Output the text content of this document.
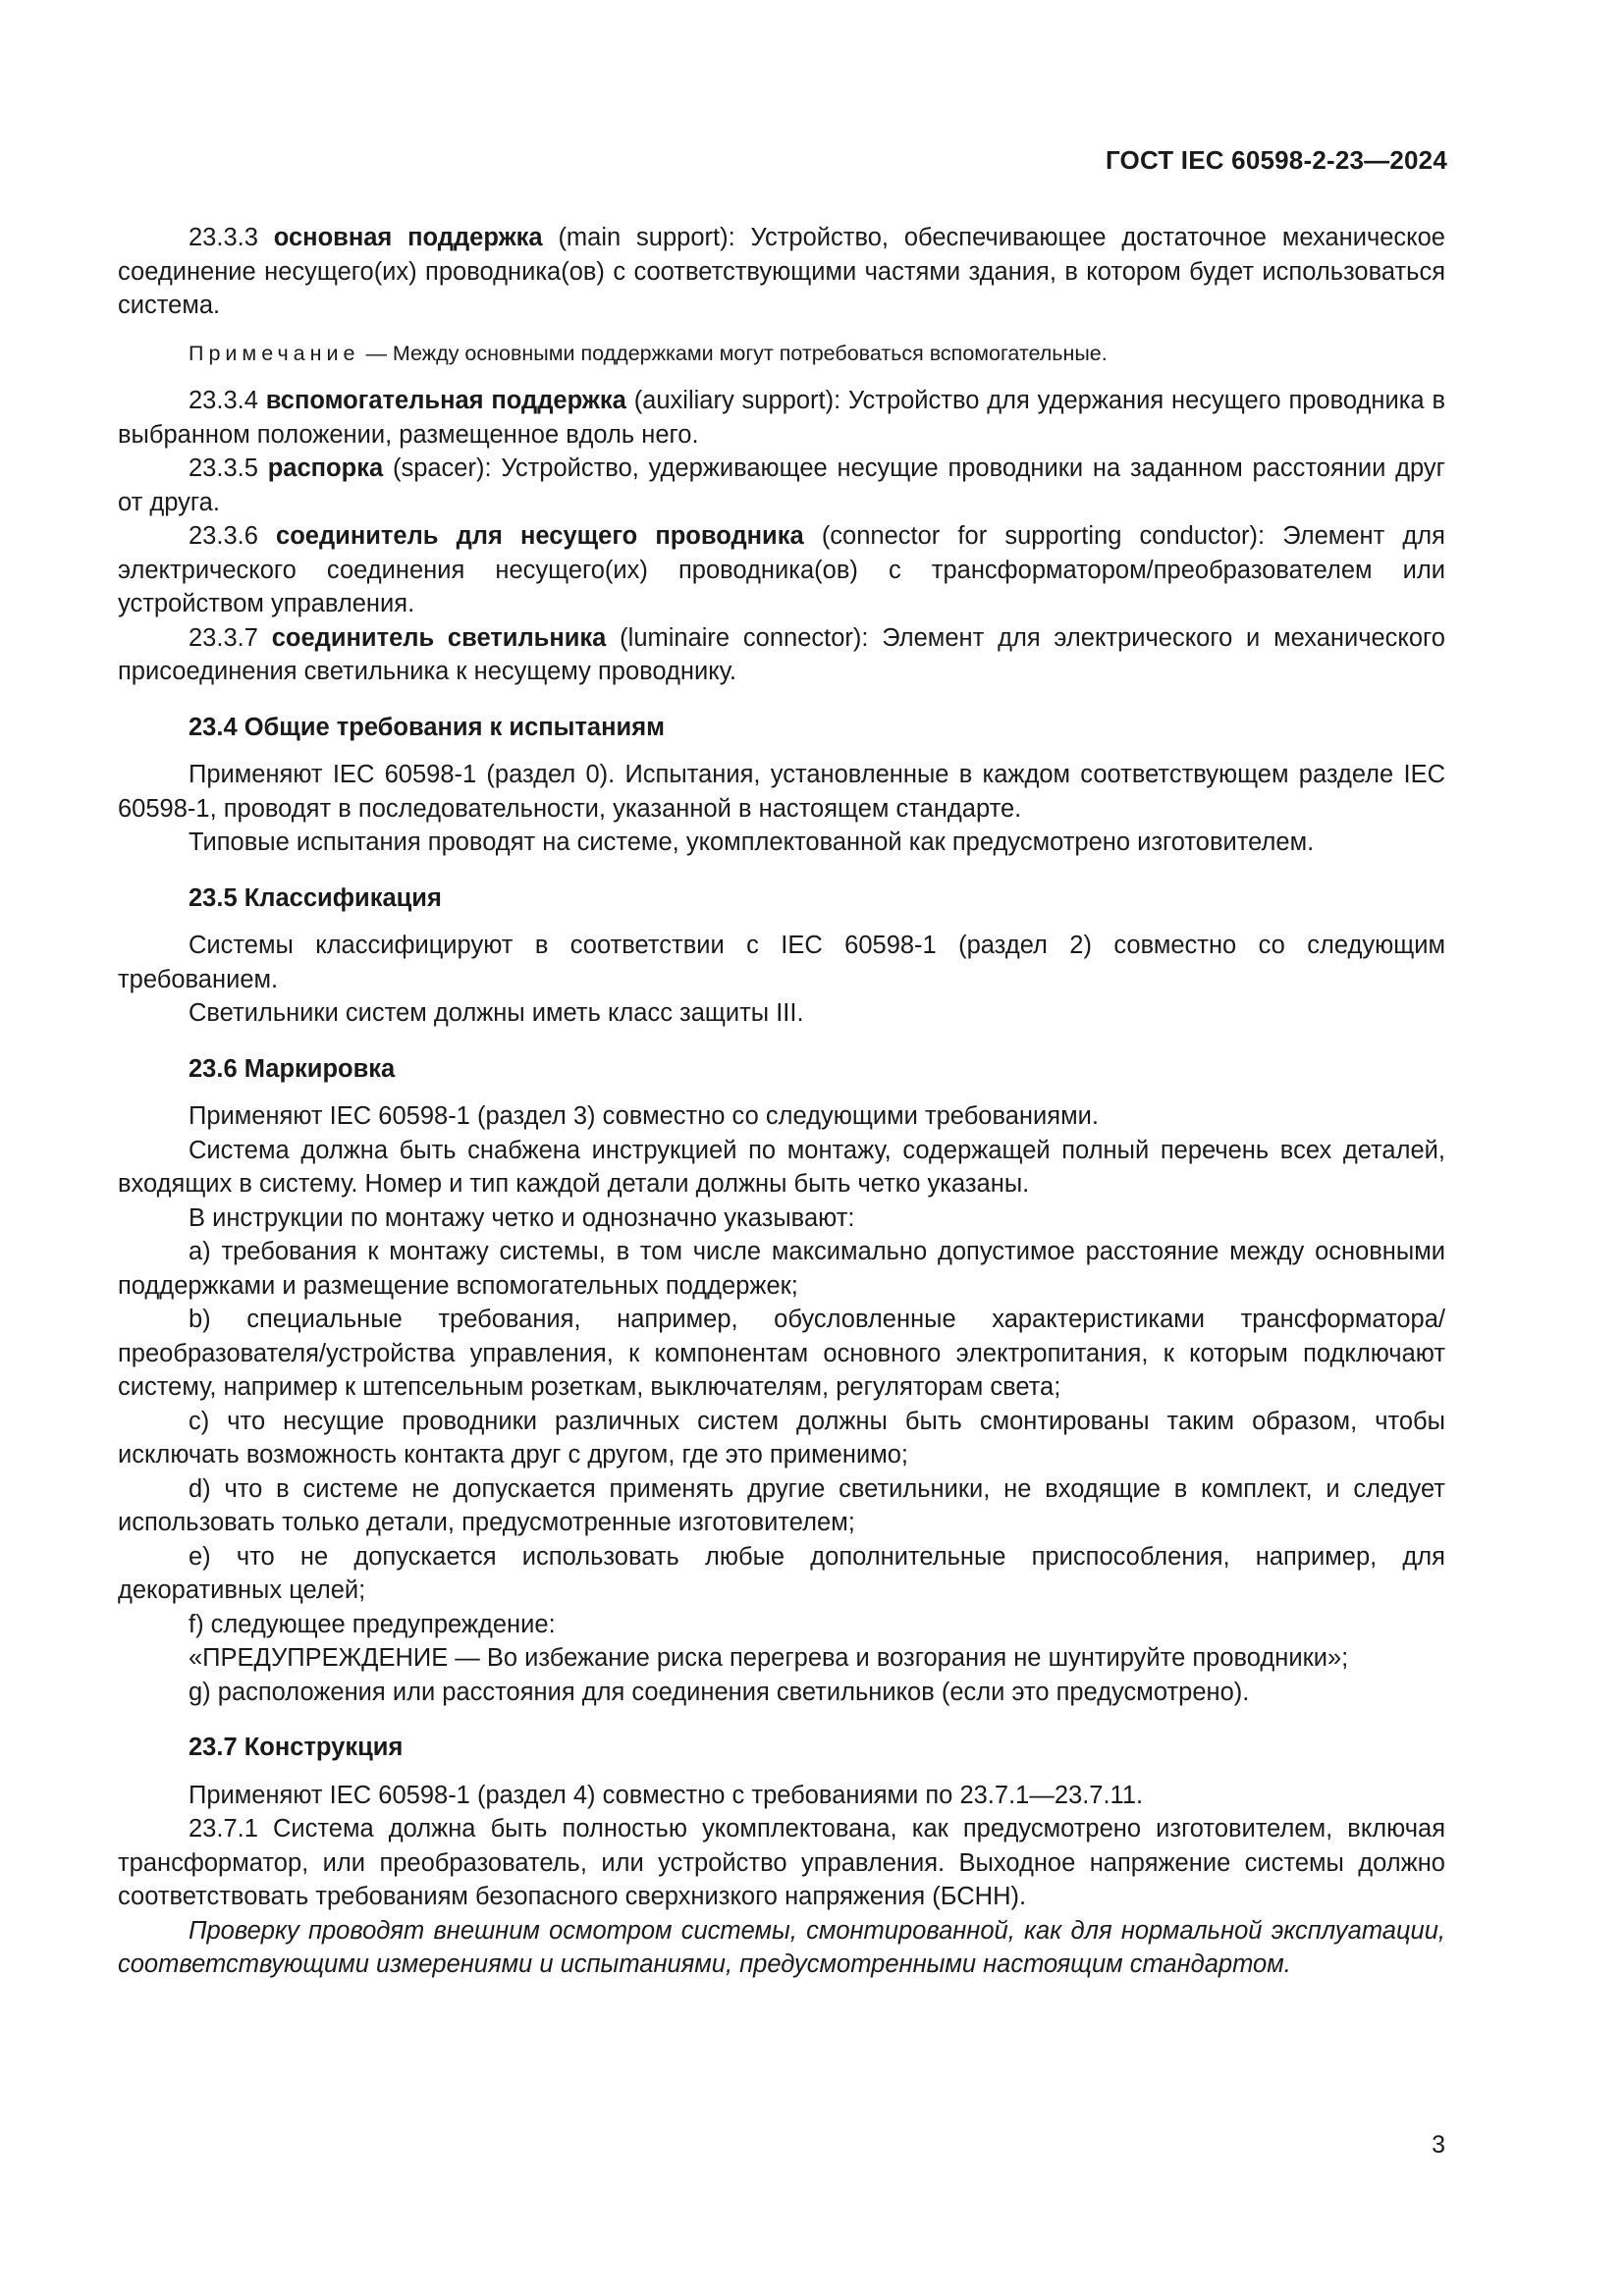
ГОСТ IEC 60598-2-23—2024

23.3.3 основная поддержка (main support): Устройство, обеспечивающее достаточное механическое соединение несущего(их) проводника(ов) с соответствующими частями здания, в котором будет использоваться система.

Примечание — Между основными поддержками могут потребоваться вспомогательные.

23.3.4 вспомогательная поддержка (auxiliary support): Устройство для удержания несущего проводника в выбранном положении, размещенное вдоль него.

23.3.5 распорка (spacer): Устройство, удерживающее несущие проводники на заданном расстоянии друг от друга.

23.3.6 соединитель для несущего проводника (connector for supporting conductor): Элемент для электрического соединения несущего(их) проводника(ов) с трансформатором/преобразователем или устройством управления.

23.3.7 соединитель светильника (luminaire connector): Элемент для электрического и механического присоединения светильника к несущему проводнику.

23.4 Общие требования к испытаниям

Применяют IEC 60598-1 (раздел 0). Испытания, установленные в каждом соответствующем разделе IEC 60598-1, проводят в последовательности, указанной в настоящем стандарте.

Типовые испытания проводят на системе, укомплектованной как предусмотрено изготовителем.

23.5 Классификация

Системы классифицируют в соответствии с IEC 60598-1 (раздел 2) совместно со следующим требованием.

Светильники систем должны иметь класс защиты III.

23.6 Маркировка

Применяют IEC 60598-1 (раздел 3) совместно со следующими требованиями.

Система должна быть снабжена инструкцией по монтажу, содержащей полный перечень всех деталей, входящих в систему. Номер и тип каждой детали должны быть четко указаны.

В инструкции по монтажу четко и однозначно указывают:

a) требования к монтажу системы, в том числе максимально допустимое расстояние между основными поддержками и размещение вспомогательных поддержек;

b) специальные требования, например, обусловленные характеристиками трансформатора/преобразователя/устройства управления, к компонентам основного электропитания, к которым подключают систему, например к штепсельным розеткам, выключателям, регуляторам света;

c) что несущие проводники различных систем должны быть смонтированы таким образом, чтобы исключать возможность контакта друг с другом, где это применимо;

d) что в системе не допускается применять другие светильники, не входящие в комплект, и следует использовать только детали, предусмотренные изготовителем;

e) что не допускается использовать любые дополнительные приспособления, например, для декоративных целей;

f) следующее предупреждение:

«ПРЕДУПРЕЖДЕНИЕ — Во избежание риска перегрева и возгорания не шунтируйте проводники»;

g) расположения или расстояния для соединения светильников (если это предусмотрено).

23.7 Конструкция

Применяют IEC 60598-1 (раздел 4) совместно с требованиями по 23.7.1—23.7.11.

23.7.1 Система должна быть полностью укомплектована, как предусмотрено изготовителем, включая трансформатор, или преобразователь, или устройство управления. Выходное напряжение системы должно соответствовать требованиям безопасного сверхнизкого напряжения (БСНН).

Проверку проводят внешним осмотром системы, смонтированной, как для нормальной эксплуатации, соответствующими измерениями и испытаниями, предусмотренными настоящим стандартом.

3
